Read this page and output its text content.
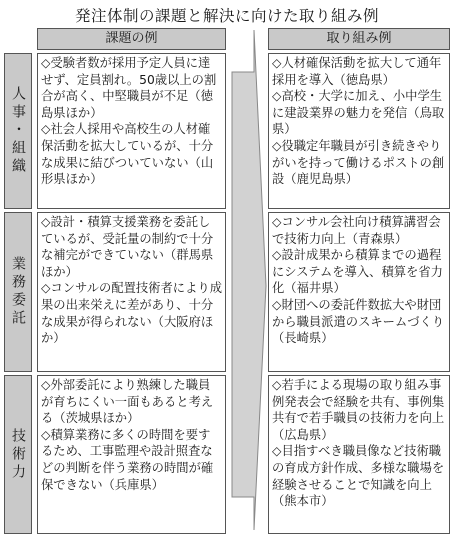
発注体制の課題と解決に向けた取り組み例
課題の例	取り組み例
人事・組織

◇受験者数が採用予定人員に達せず、定員割れ。50歳以上の割合が高く、中堅職員が不足（徳島県ほか）

◇社会人採用や高校生の人材確保活動を拡大しているが、十分な成果に結びついていない（山形県ほか）

◇人材確保活動を拡大して通年採用を導入（徳島県）

◇高校・大学に加え、小中学生に建設業界の魅力を発信（鳥取県）

◇役職定年職員が引き続きやりがいを持って働けるポストの創設（鹿児島県）

業務委託

◇設計・積算支援業務を委託しているが、受託量の制約で十分な補完ができていない（群馬県ほか）

◇コンサルの配置技術者により成果の出来栄えに差があり、十分な成果が得られない（大阪府ほか）

◇コンサル会社向け積算講習会で技術力向上（青森県）

◇設計成果から積算までの過程にシステムを導入、積算を省力化（福井県）

◇財団への委託件数拡大や財団から職員派遣のスキームづくり（長崎県）

技術力

◇外部委託により熟練した職員が育ちにくい一面もあると考える（茨城県ほか）

◇積算業務に多くの時間を要するため、工事監理や設計照査などの判断を伴う業務の時間が確保できない（兵庫県）

◇若手による現場の取り組み事例発表会で経験を共有、事例集共有で若手職員の技術力を向上（広島県）

◇目指すべき職員像など技術職の育成方針作成、多様な職場を経験させることで知識を向上（熊本市）
